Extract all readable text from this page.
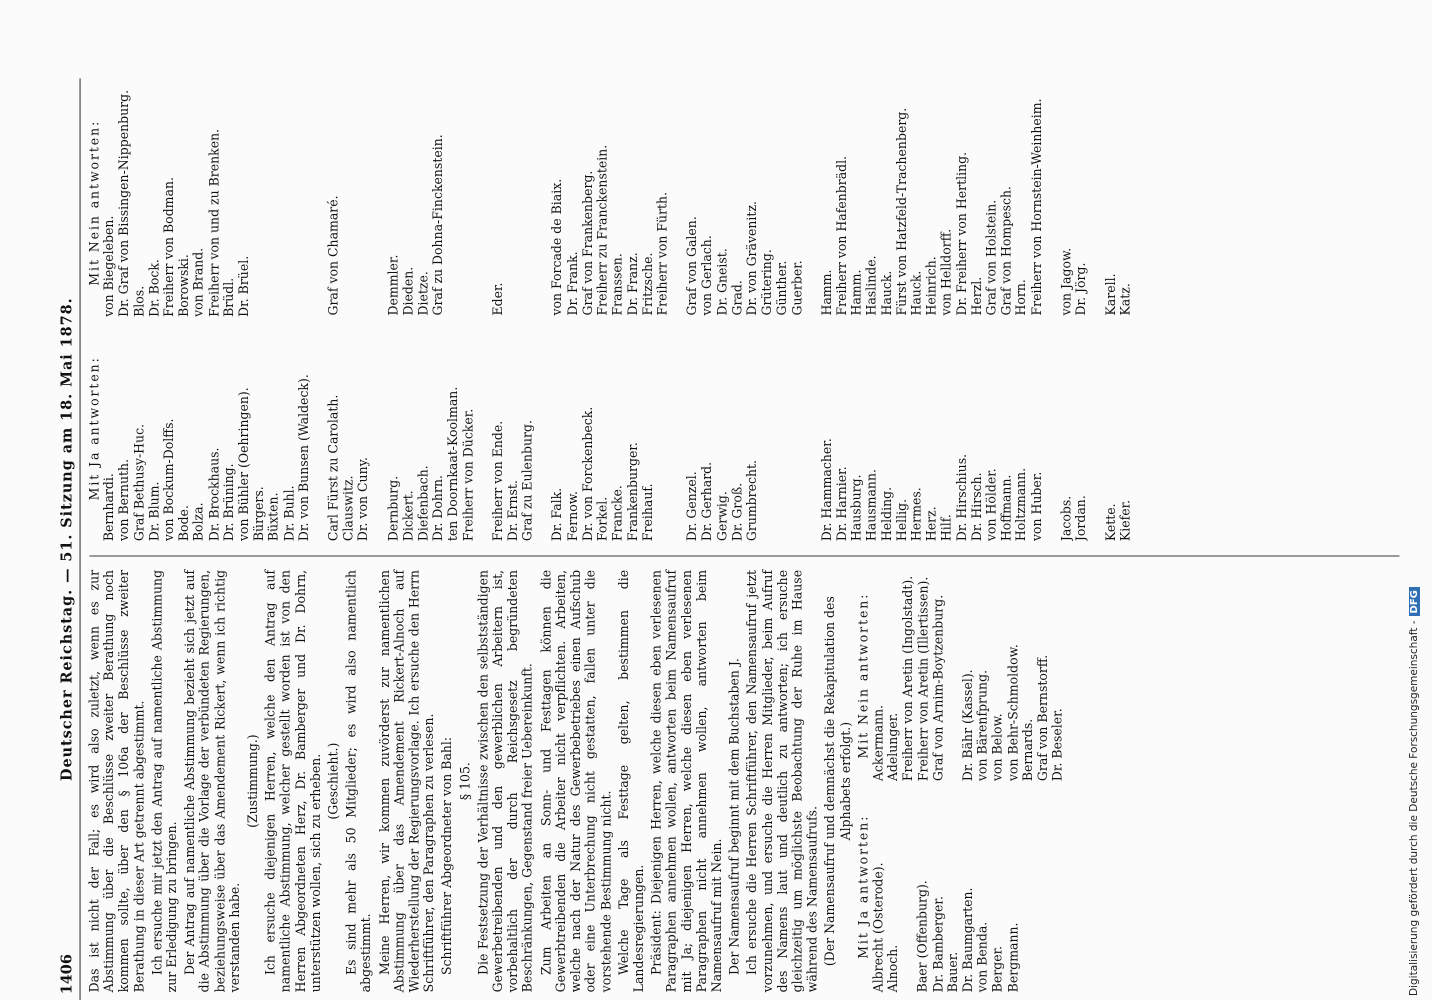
1406
Deutscher Reichstag. — 51. Sitzung am 18. Mai 1878.

Das ist nicht der Fall; es wird also zuletzt, wenn es zur Abstimmung über die Beschlüsse zweiter Berathung noch kommen sollte, über den § 106a der Beschlüsse zweiter Berathung in dieser Art getrennt abgestimmt. Ich ersuche mir jetzt den Antrag auf namentliche Abstimmung zur Erledigung zu bringen. Der Antrag auf namentliche Abstimmung bezieht sich jetzt auf die Abstimmung über die Vorlage der verbündeten Regierungen, beziehungsweise über das Amendement Rickert, wenn ich richtig verstanden habe.

(Zustimmung.) Ich ersuche diejenigen Herren, welche den Antrag auf namentliche Abstimmung, welcher gestellt worden ist von den Herren Abgeordneten Herz, Dr. Bamberger und Dr. Dohrn, unterstützen wollen, sich zu erheben. (Geschieht.) Es sind mehr als 50 Mitglieder; es wird also namentlich abgestimmt. Meine Herren, wir kommen zuvörderst zur namentlichen Abstimmung über das Amendement Rickert-Alnoch auf Wiederherstellung der Regierungsvorlage. Ich ersuche den Herrn Schriftführer, den Paragraphen zu verlesen. Schriftführer Abgeordneter von Bahl: § 105. Die Festsetzung der Verhältnisse zwischen den selbstständigen Gewerbetreibenden und den gewerblichen Arbeitern ist, vorbehaltlich der durch Reichsgesetz begründeten Beschränkungen, Gegenstand freier Uebereinkunft. Zum Arbeiten an Sonn- und Festtagen können die Gewerbtreibenden die Arbeiter nicht verpflichten. Arbeiten, welche nach der Natur des Gewerbebetriebes einen Aufschub oder eine Unterbrechung nicht gestatten, fallen unter die vorstehende Bestimmung nicht. Welche Tage als Festtage gelten, bestimmen die Landesregierungen. Präsident: Diejenigen Herren, welche diesen eben verlesenen Paragraphen annehmen wollen, antworten beim Namensaufruf mit Ja; diejenigen Herren, welche diesen eben verlesenen Paragraphen nicht annehmen wollen, antworten beim Namensaufruf mit Nein. Der Namensaufruf beginnt mit dem Buchstaben J. Ich ersuche die Herren Schriftführer, den Namensaufruf jetzt vorzunehmen, und ersuche die Herren Mitglieder, beim Aufruf des Namens laut und deutlich zu antworten; ich ersuche gleichzeitig um möglichste Beobachtung der Ruhe im Hause während des Namensaufrufs. (Der Namensaufruf und demnächst die Rekapitulation des Alphabets erfolgt.)

Mit Ja antworten: Albrecht (Osterode). Alnoch. Baer (Offenburg). Dr. Bamberger. Bauer. Dr. Baumgarten. von Benda. Berger. Bergmann.
Mit Nein antworten: Ackermann. Adelunger. Freiherr von Aretin (Ingolstadt). Freiherr von Aretin (Illertissen). Graf von Arnim-Boytzenburg. Dr. Bähr (Kassel). von Bärenfprung. von Below. von Behr-Schmoldow. Bernards. Graf von Bernstorff. Dr. Beseler.
Mit Ja antworten:
Mit Nein antworten:
Bernhardi. von Bernuth. Graf Bethusy-Huc. Dr. Blum. von Bockum-Dolffs. Bode. Bolza. Dr. Brockhaus. Dr. Brüning. von Bühler (Oehringen). Bürgers. Büxten. Dr. Buhl. Dr. von Bunsen (Waldeck).
von Biegeleben. Dr. Graf von Bissingen-Nippenburg. Blos. Dr. Bock. Freiherr von Bodman. Borowski. von Brand. Freiherr von und zu Brenken. Brüdl. Dr. Brüel.
Carl Fürst zu Carolath. Clauswitz. Dr. von Cuny.
Graf von Chamaré.
Dernburg. Dickert. Diefenbach. Dr. Dohrn. ten Doornkaat-Koolman. Freiherr von Dücker.
Demmler. Dieden. Dietze. Graf zu Dohna-Finckenstein.
Freiherr von Ende. Dr. Ernst. Graf zu Eulenburg.
Eder.
Dr. Falk. Fernow. Dr. von Forckenbeck. Forkel. Francke. Frankenburger. Freihauf.
von Forcade de Biaix. Dr. Frank. Graf von Frankenberg. Freiherr zu Franckenstein. Franssen. Dr. Franz. Fritzsche. Freiherr von Fürth.
Dr. Genzel. Dr. Gerhard. Gerwig. Dr. Groß. Grumbrecht.
Graf von Galen. von Gerlach. Dr. Gneist. Grad. Dr. von Grävenitz. Grütering. Günther. Guerber.
Dr. Hammacher. Dr. Harnier. Hausburg. Hausmann. Helding. Hellig. Hermes. Herz. Hilf. Dr. Hirschius. Dr. Hirsch. von Hölder. Hoffmann. Holtzmann. von Huber.
Hamm. Freiherr von Hafenbrädl. Hamm. Haslinde. Hauck. Fürst von Hatzfeld-Trachenberg. Hauck. Heinrich. von Helldorff. Dr. Freiherr von Hertling. Herzl. Graf von Holstein. Graf von Hompesch. Horn. Freiherr von Hornstein-Weinheim.
Jacobs. Jordan.
von Jagow. Dr. Jörg.
Kette. Kiefer.
Karell. Katz.
Digitalisierung gefördert durch die Deutsche Forschungsgemeinschaft -DFG
